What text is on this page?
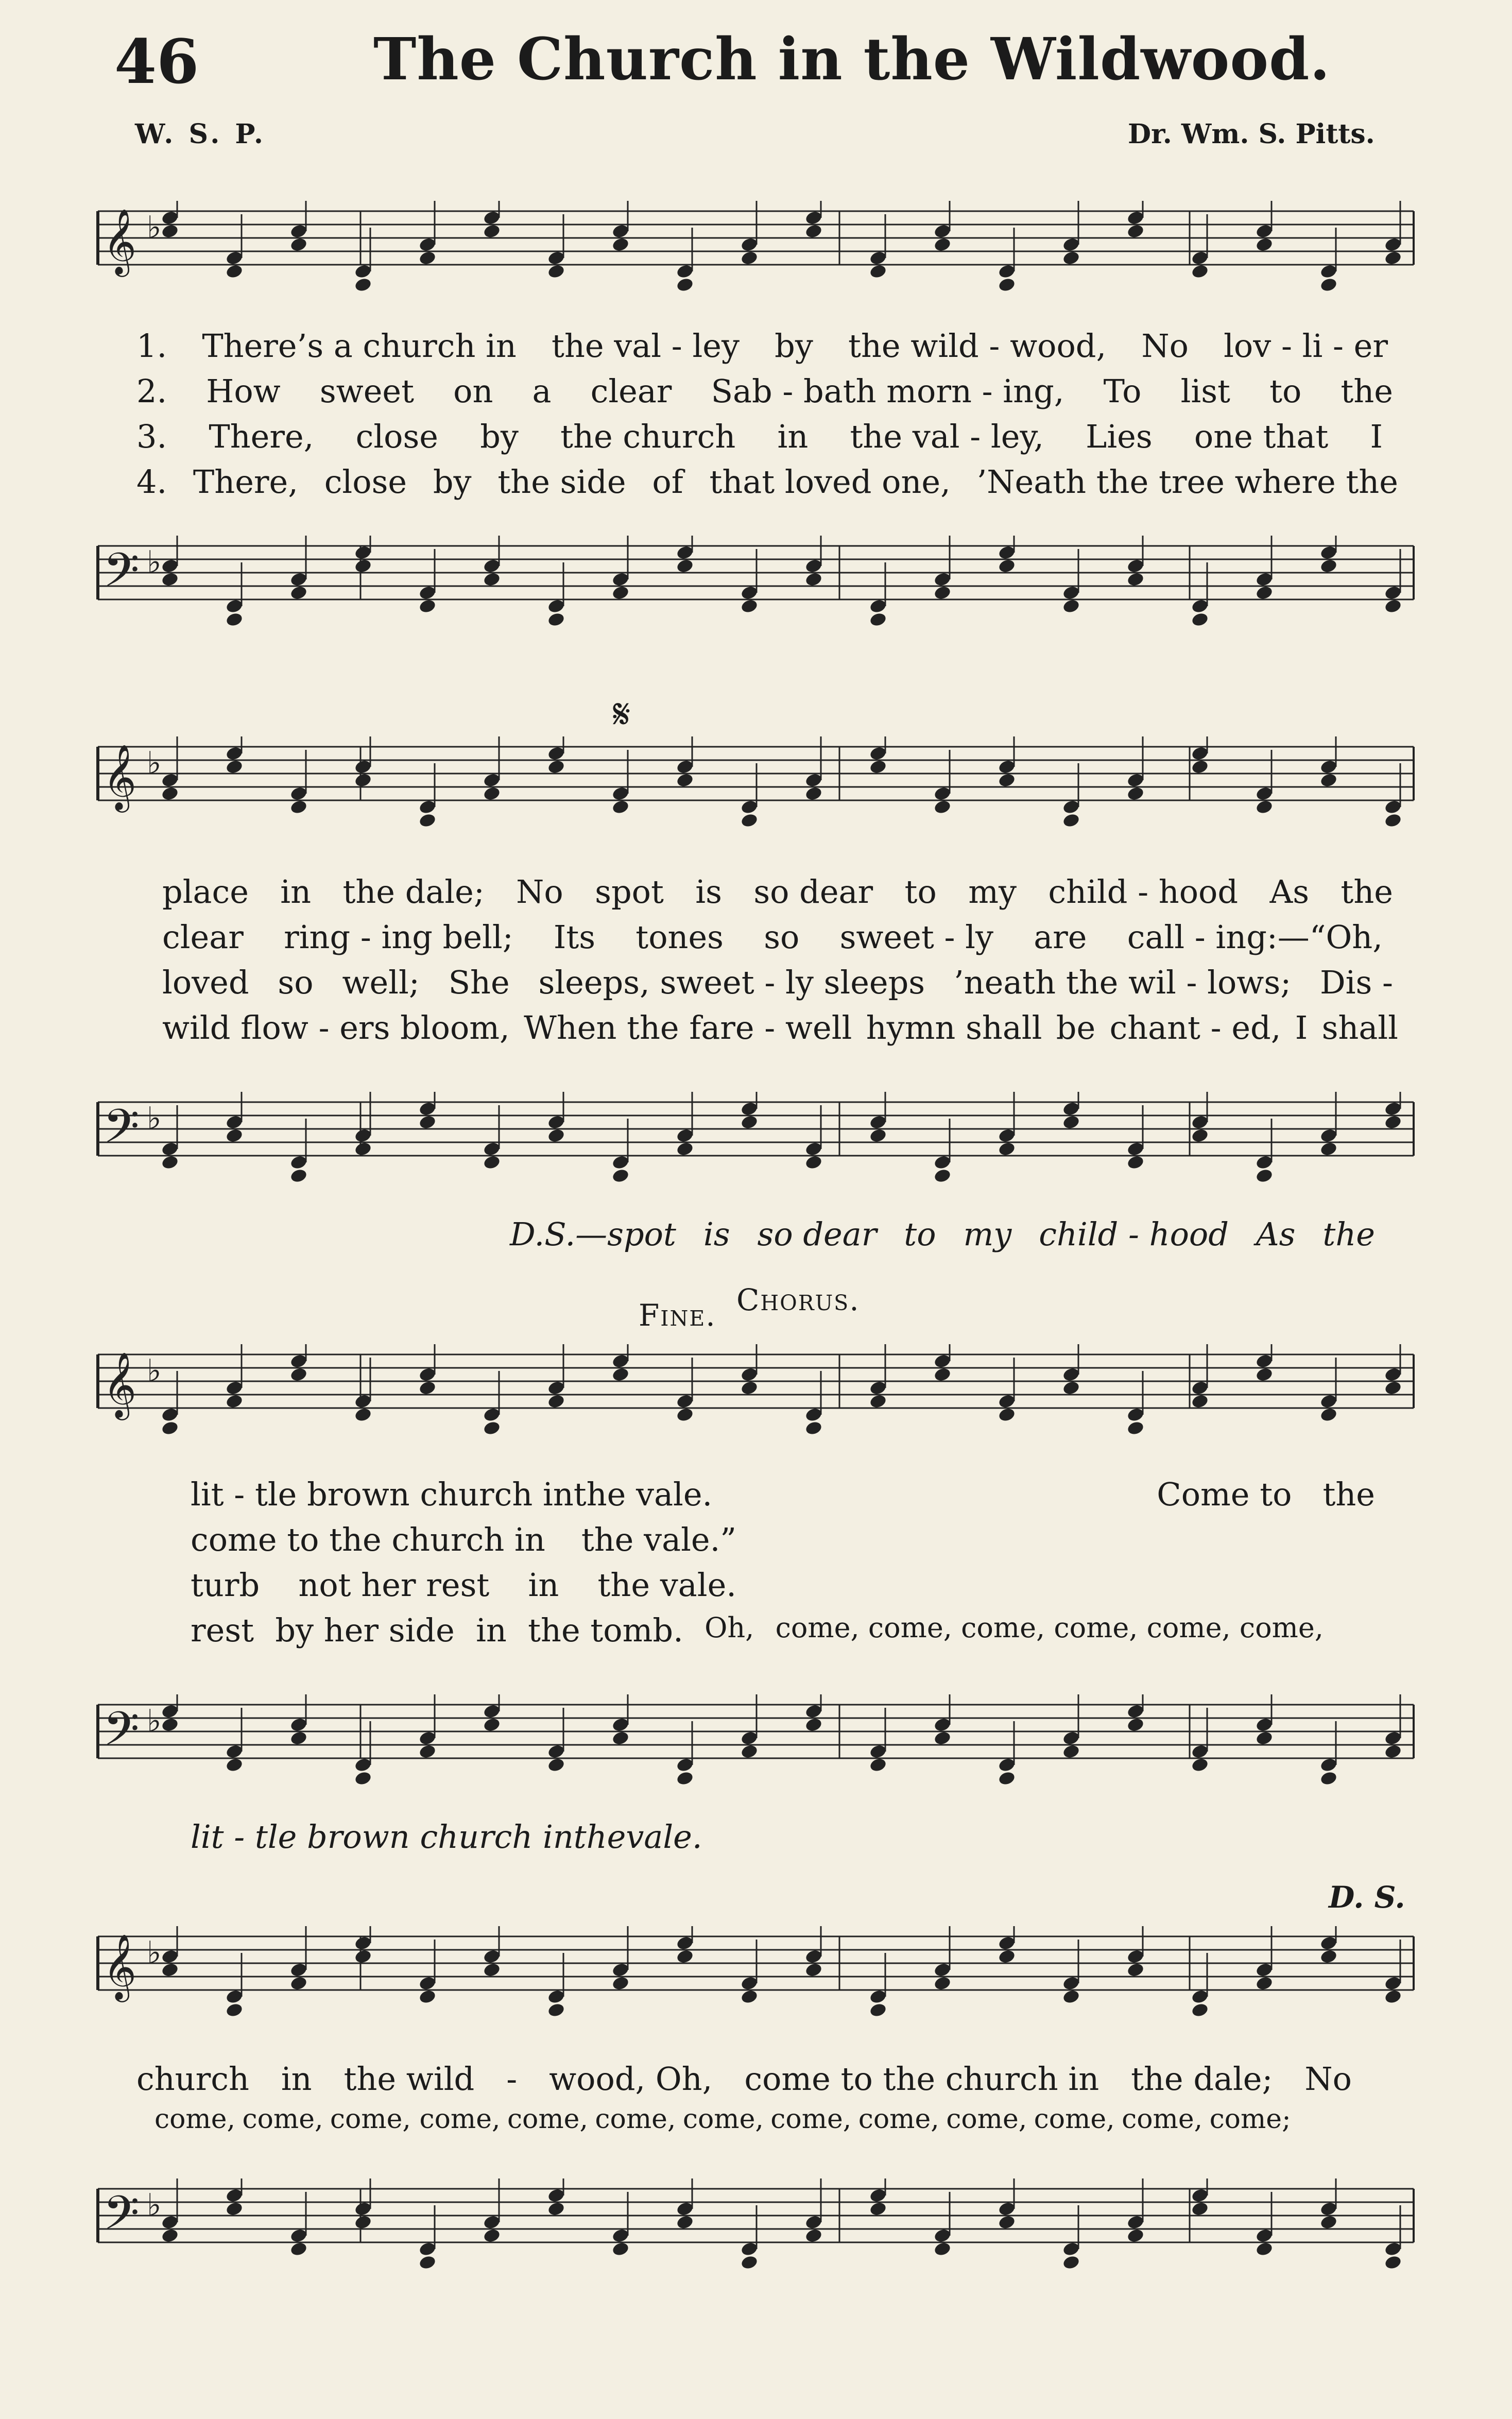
46	The Church in the Wildwood.
W. S. P.	Dr. Wm. S. Pitts.
𝄞 ♭
𝄢 ♭
𝄞 ♭
𝄢 ♭
𝄞 ♭
𝄢 ♭
𝄞 ♭
𝄢 ♭
𝄋
Fine. Chorus.
D. S.
1. There’s a church in the val - ley by the wild - wood, No lov - li - er
2. How sweet on a clear Sab - bath morn - ing, To list to the
3. There, close by the church in the val - ley, Lies one that I
4. There, close by the side of that loved one, ’Neath the tree where the
place in the dale; No spot is so dear to my child - hood As the
clear ring - ing bell; Its tones so sweet - ly are call - ing:—“Oh,
loved so well; She sleeps, sweet - ly sleeps ’neath the wil - lows; Dis -
wild flow - ers bloom, When the fare - well hymn shall be chant - ed, I shall
D.S.—spot is so dear to my child - hood As the
lit - tle brown church in the vale.	Come to the
come to the church in the vale.”
turb not her rest in the vale.
rest by her side in the tomb. Oh, come, come, come, come, come, come,
lit - tle brown church in the vale.
church in the wild - wood, Oh, come to the church in the dale; No
come, come, come, come, come, come, come, come, come, come, come, come, come;
